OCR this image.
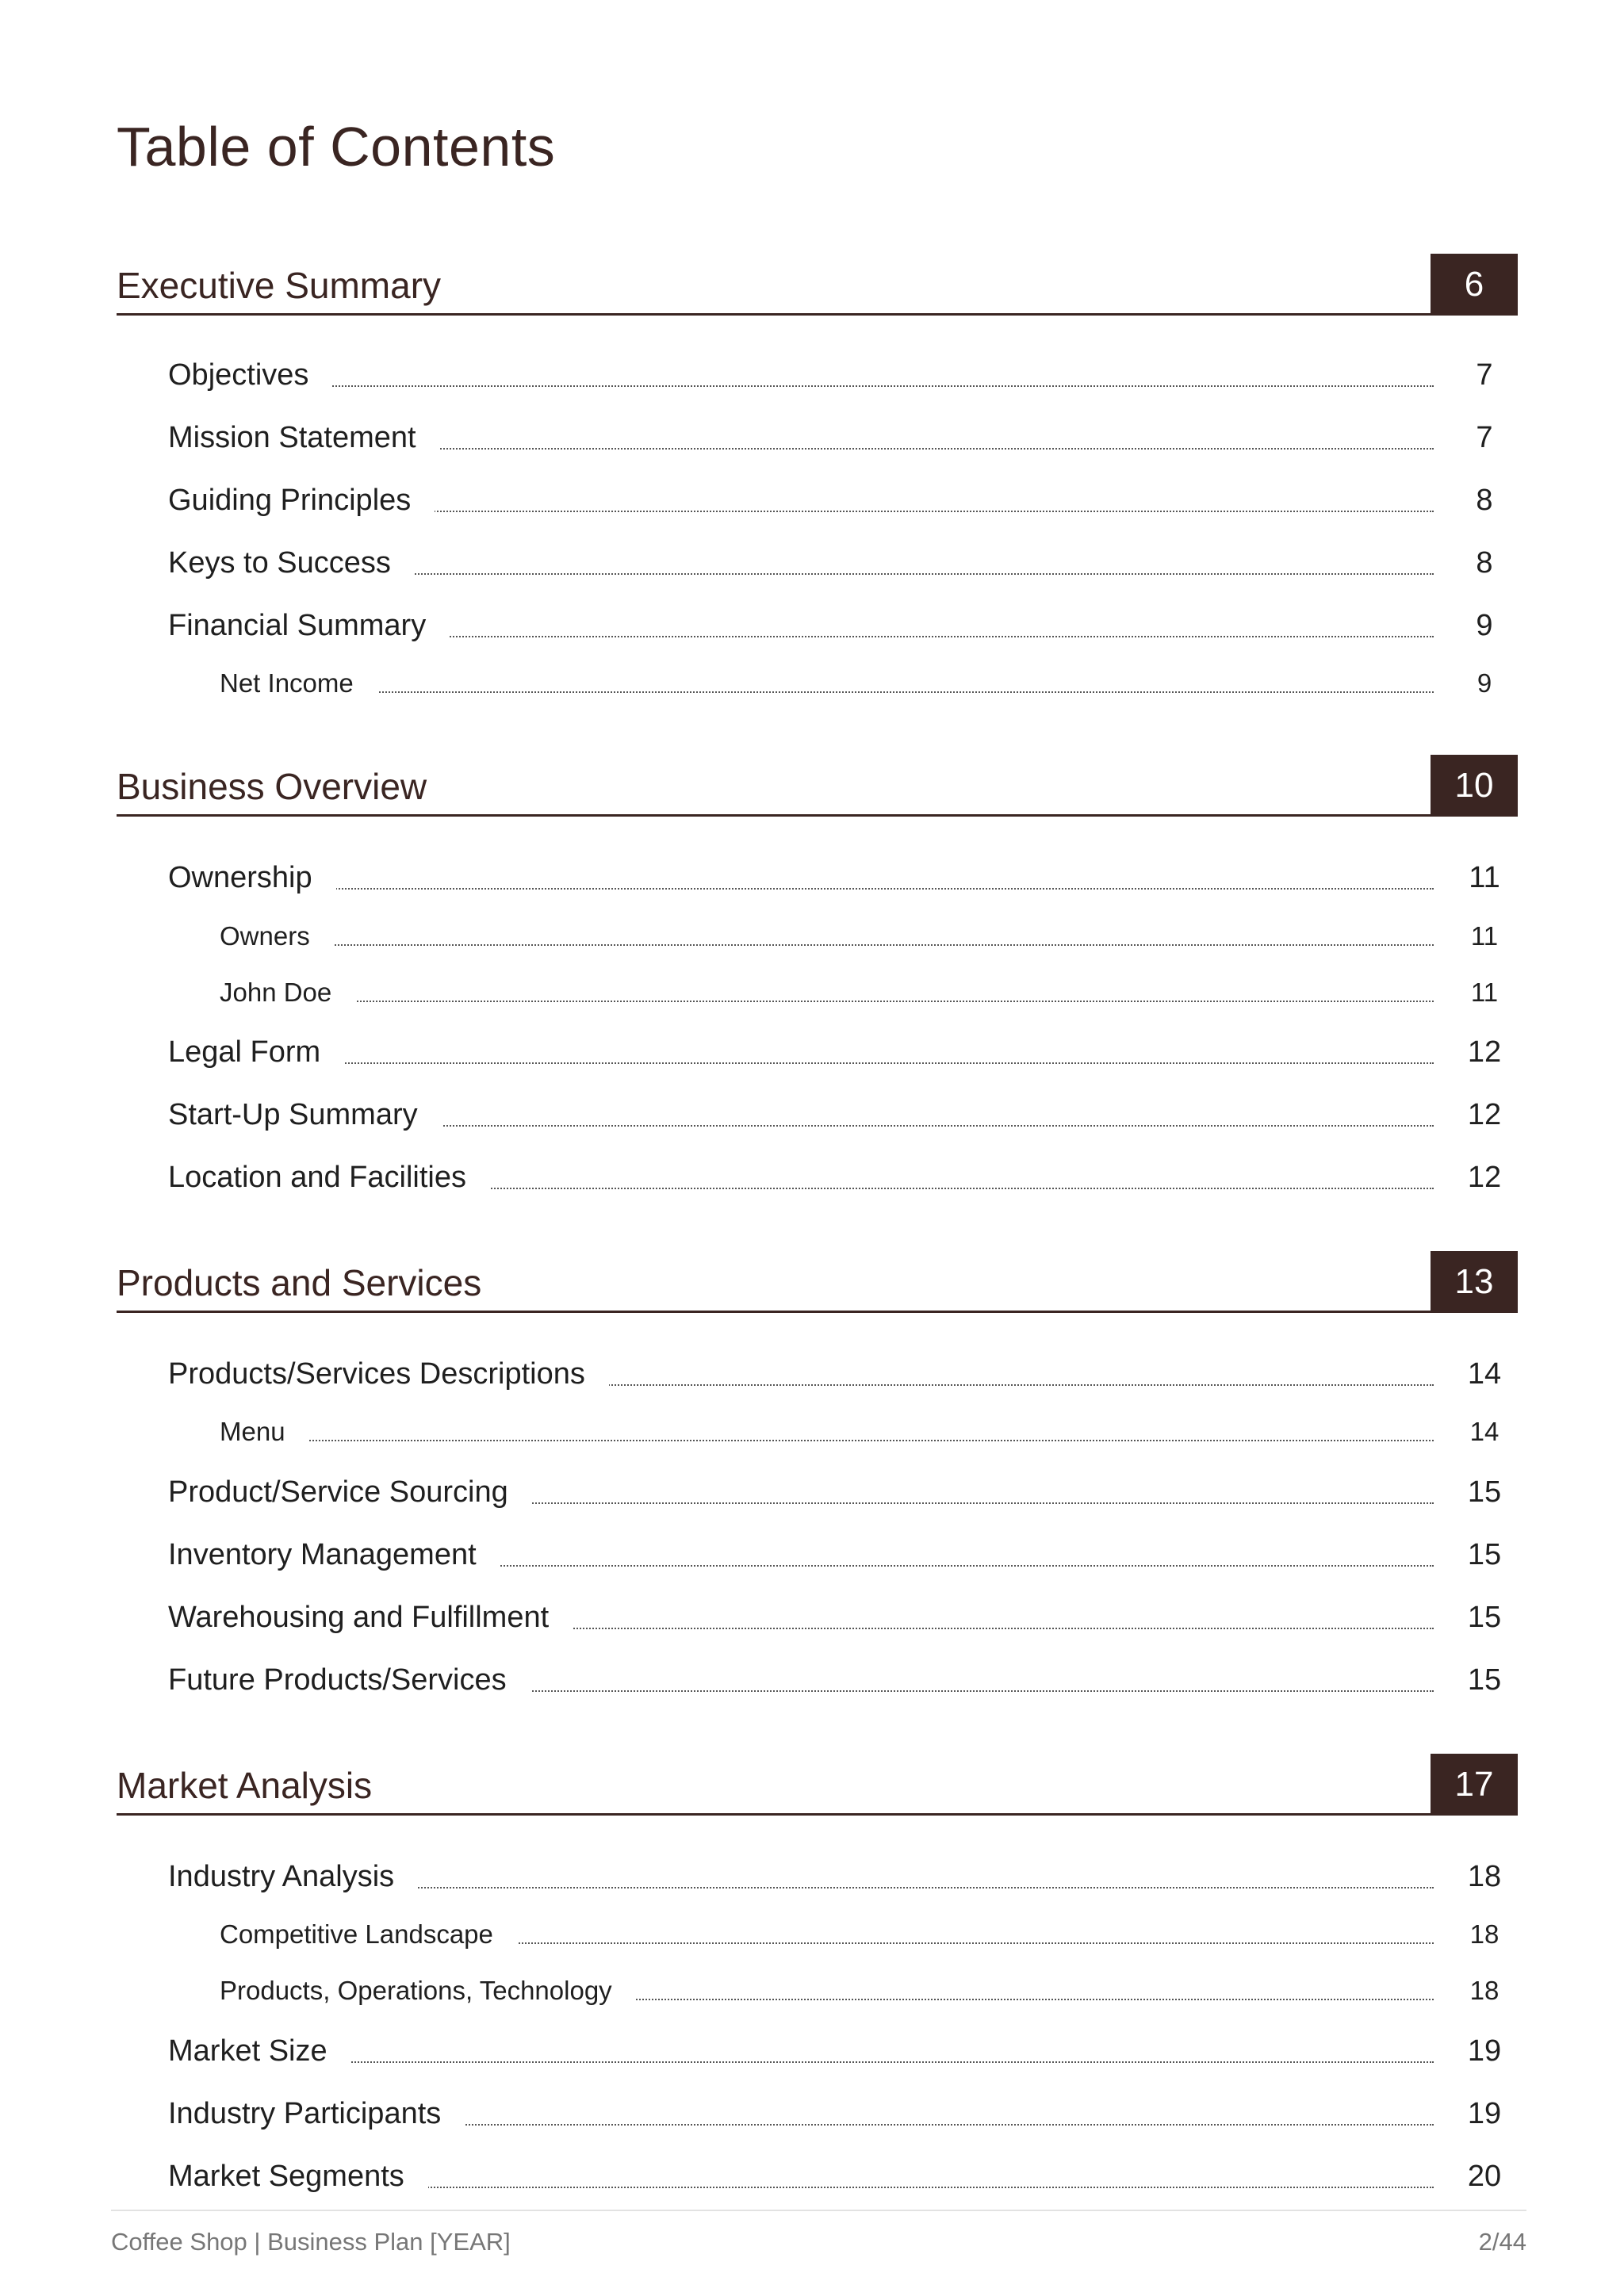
Table of Contents
Executive Summary	6
Objectives	7
Mission Statement	7
Guiding Principles	8
Keys to Success	8
Financial Summary	9
Net Income	9
Business Overview	10
Ownership	11
Owners	11
John Doe	11
Legal Form	12
Start-Up Summary	12
Location and Facilities	12
Products and Services	13
Products/Services Descriptions	14
Menu	14
Product/Service Sourcing	15
Inventory Management	15
Warehousing and Fulfillment	15
Future Products/Services	15
Market Analysis	17
Industry Analysis	18
Competitive Landscape	18
Products, Operations, Technology	18
Market Size	19
Industry Participants	19
Market Segments	20
Coffee Shop | Business Plan [YEAR]	2/44
